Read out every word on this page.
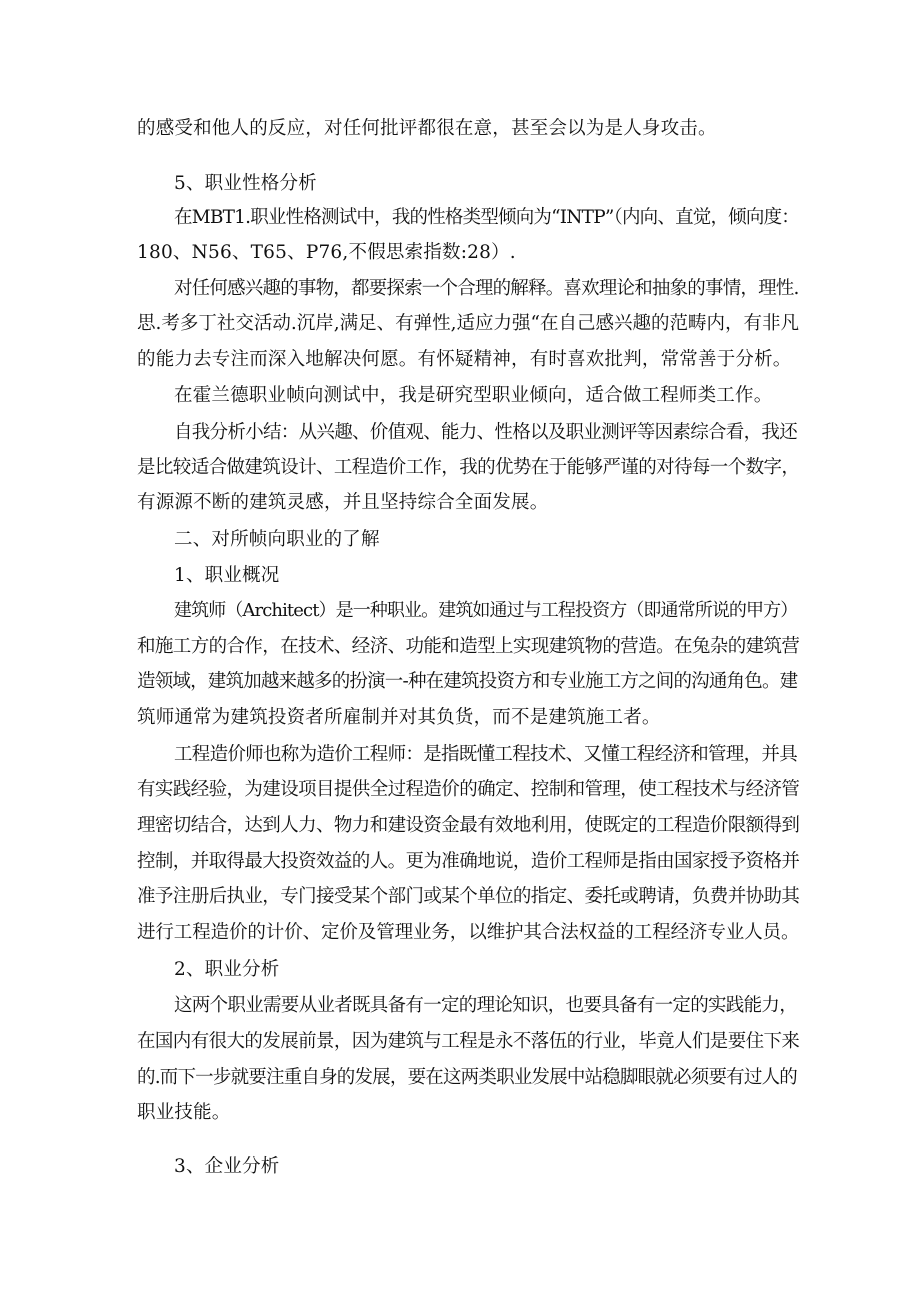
的感受和他人的反应，对任何批评都很在意，甚至会以为是人身攻击。
5、职业性格分析
在MBT1.职业性格测试中，我的性格类型倾向为“INTP”（内向、直觉，倾向度：
180、N56、T65、P76,不假思索指数:28）.
对任何感兴趣的事物，都要探索一个合理的解释。喜欢理论和抽象的事情，理性.
思.考多丁社交活动.沉岸,满足、有弹性,适应力强“在自己感兴趣的范畴内，有非凡
的能力去专注而深入地解决何愿。有怀疑精神，有时喜欢批判，常常善于分析。
在霍兰德职业帧向测试中，我是研究型职业倾向，适合做工程师类工作。
自我分析小结：从兴趣、价值观、能力、性格以及职业测评等因素综合看，我还
是比较适合做建筑设计、工程造价工作，我的优势在于能够严谨的对待每一个数字，
有源源不断的建筑灵感，并且坚持综合全面发展。
二、对所帧向职业的了解
1、职业概况
建筑师（Architect）是一种职业。建筑如通过与工程投资方（即通常所说的甲方）
和施工方的合作，在技术、经济、功能和造型上实现建筑物的营造。在兔杂的建筑营
造领域，建筑加越来越多的扮演一-种在建筑投资方和专业施工方之间的沟通角色。建
筑师通常为建筑投资者所雇制并对其负货，而不是建筑施工者。
工程造价师也称为造价工程师：是指既懂工程技术、又懂工程经济和管理，并具
有实践经验，为建设项目提供全过程造价的确定、控制和管理，使工程技术与经济管
理密切结合，达到人力、物力和建设资金最有效地利用，使既定的工程造价限额得到
控制，并取得最大投资效益的人。更为准确地说，造价工程师是指由国家授予资格并
准予注册后执业，专门接受某个部门或某个单位的指定、委托或聘请，负费并协助其
进行工程造价的计价、定价及管理业务，以维护其合法权益的工程经济专业人员。
2、职业分析
这两个职业需要从业者既具备有一定的理论知识，也要具备有一定的实践能力，
在国内有很大的发展前景，因为建筑与工程是永不落伍的行业，毕竟人们是要住下来
的.而下一步就要注重自身的发展，要在这两类职业发展中站稳脚眼就必须要有过人的
职业技能。
3、企业分析
